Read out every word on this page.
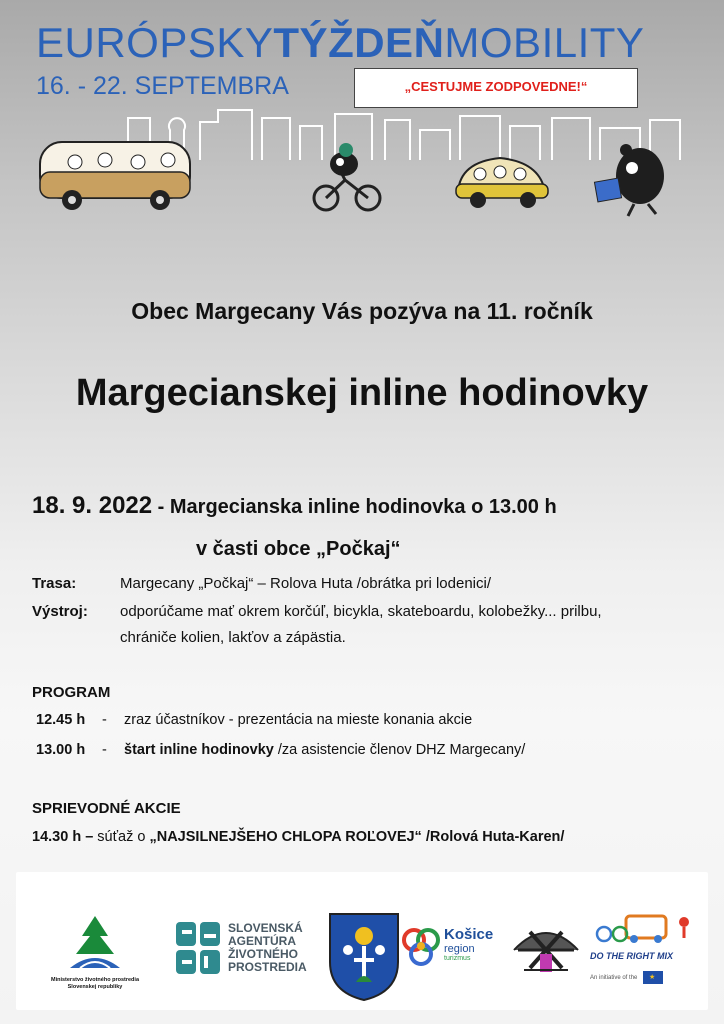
EURÓPSKYTÝŽDEŇMOBILITY
16. - 22. SEPTEMBRA	„CESTUJME ZODPOVEDNE!“
Obec Margecany Vás pozýva na 11. ročník
Margecianskej inline hodinovky
18. 9. 2022 - Margecianska inline hodinovka o 13.00 h
v časti obce „Počkaj“
Trasa:	Margecany „Počkaj“ – Rolova Huta /obrátka pri lodenici/
Výstroj: odporúčame mať okrem korčúľ, bicykla, skateboardu, kolobežky... prilbu,
chrániče kolien, lakťov a zápästia.
PROGRAM
12.45 h - zraz účastníkov - prezentácia na mieste konania akcie
13.00 h - štart inline hodinovky /za asistencie členov DHZ Margecany/
SPRIEVODNÉ AKCIE
14.30 h – súťaž o „NAJSILNEJŠEHO CHLOPA ROĽOVEJ“ /Rolová Huta-Karen/
Ministerstvo životného prostredia
Slovenskej republiky
SLOVENSKÁ
AGENTÚRA
ŽIVOTNÉHO
PROSTREDIA
Košice
region
turizmus	DO THE RIGHT MIX
An initiative of the ★
